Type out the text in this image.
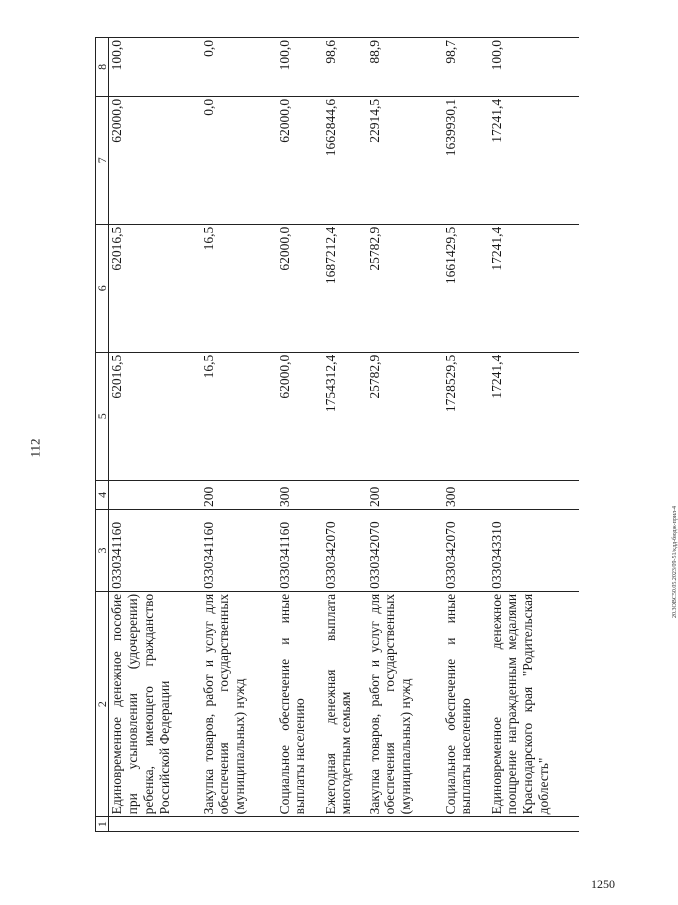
112
1250
20.3ОВС50.05.2023/09-51/кдд-бюдж-прил-4
1	2	3	4	5	6	7	8
	Единовременное денежное пособие при усыновлении (удочерении) ребенка, имеющего гражданство Российской Федерации	0330341160		62016,5	62016,5	62000,0	100,0
	Закупка товаров, работ и услуг для обеспечения государственных (муниципальных) нужд	0330341160	200	16,5	16,5	0,0	0,0
	Социальное обеспечение и иные выплаты населению	0330341160	300	62000,0	62000,0	62000,0	100,0
	Ежегодная денежная выплата многодетным семьям	0330342070		1754312,4	1687212,4	1662844,6	98,6
	Закупка товаров, работ и услуг для обеспечения государственных (муниципальных) нужд	0330342070	200	25782,9	25782,9	22914,5	88,9
	Социальное обеспечение и иные выплаты населению	0330342070	300	1728529,5	1661429,5	1639930,1	98,7
	Единовременное денежное поощрение награжденным медалями Краснодарского края "Родительская доблесть"	0330343310		17241,4	17241,4	17241,4	100,0
